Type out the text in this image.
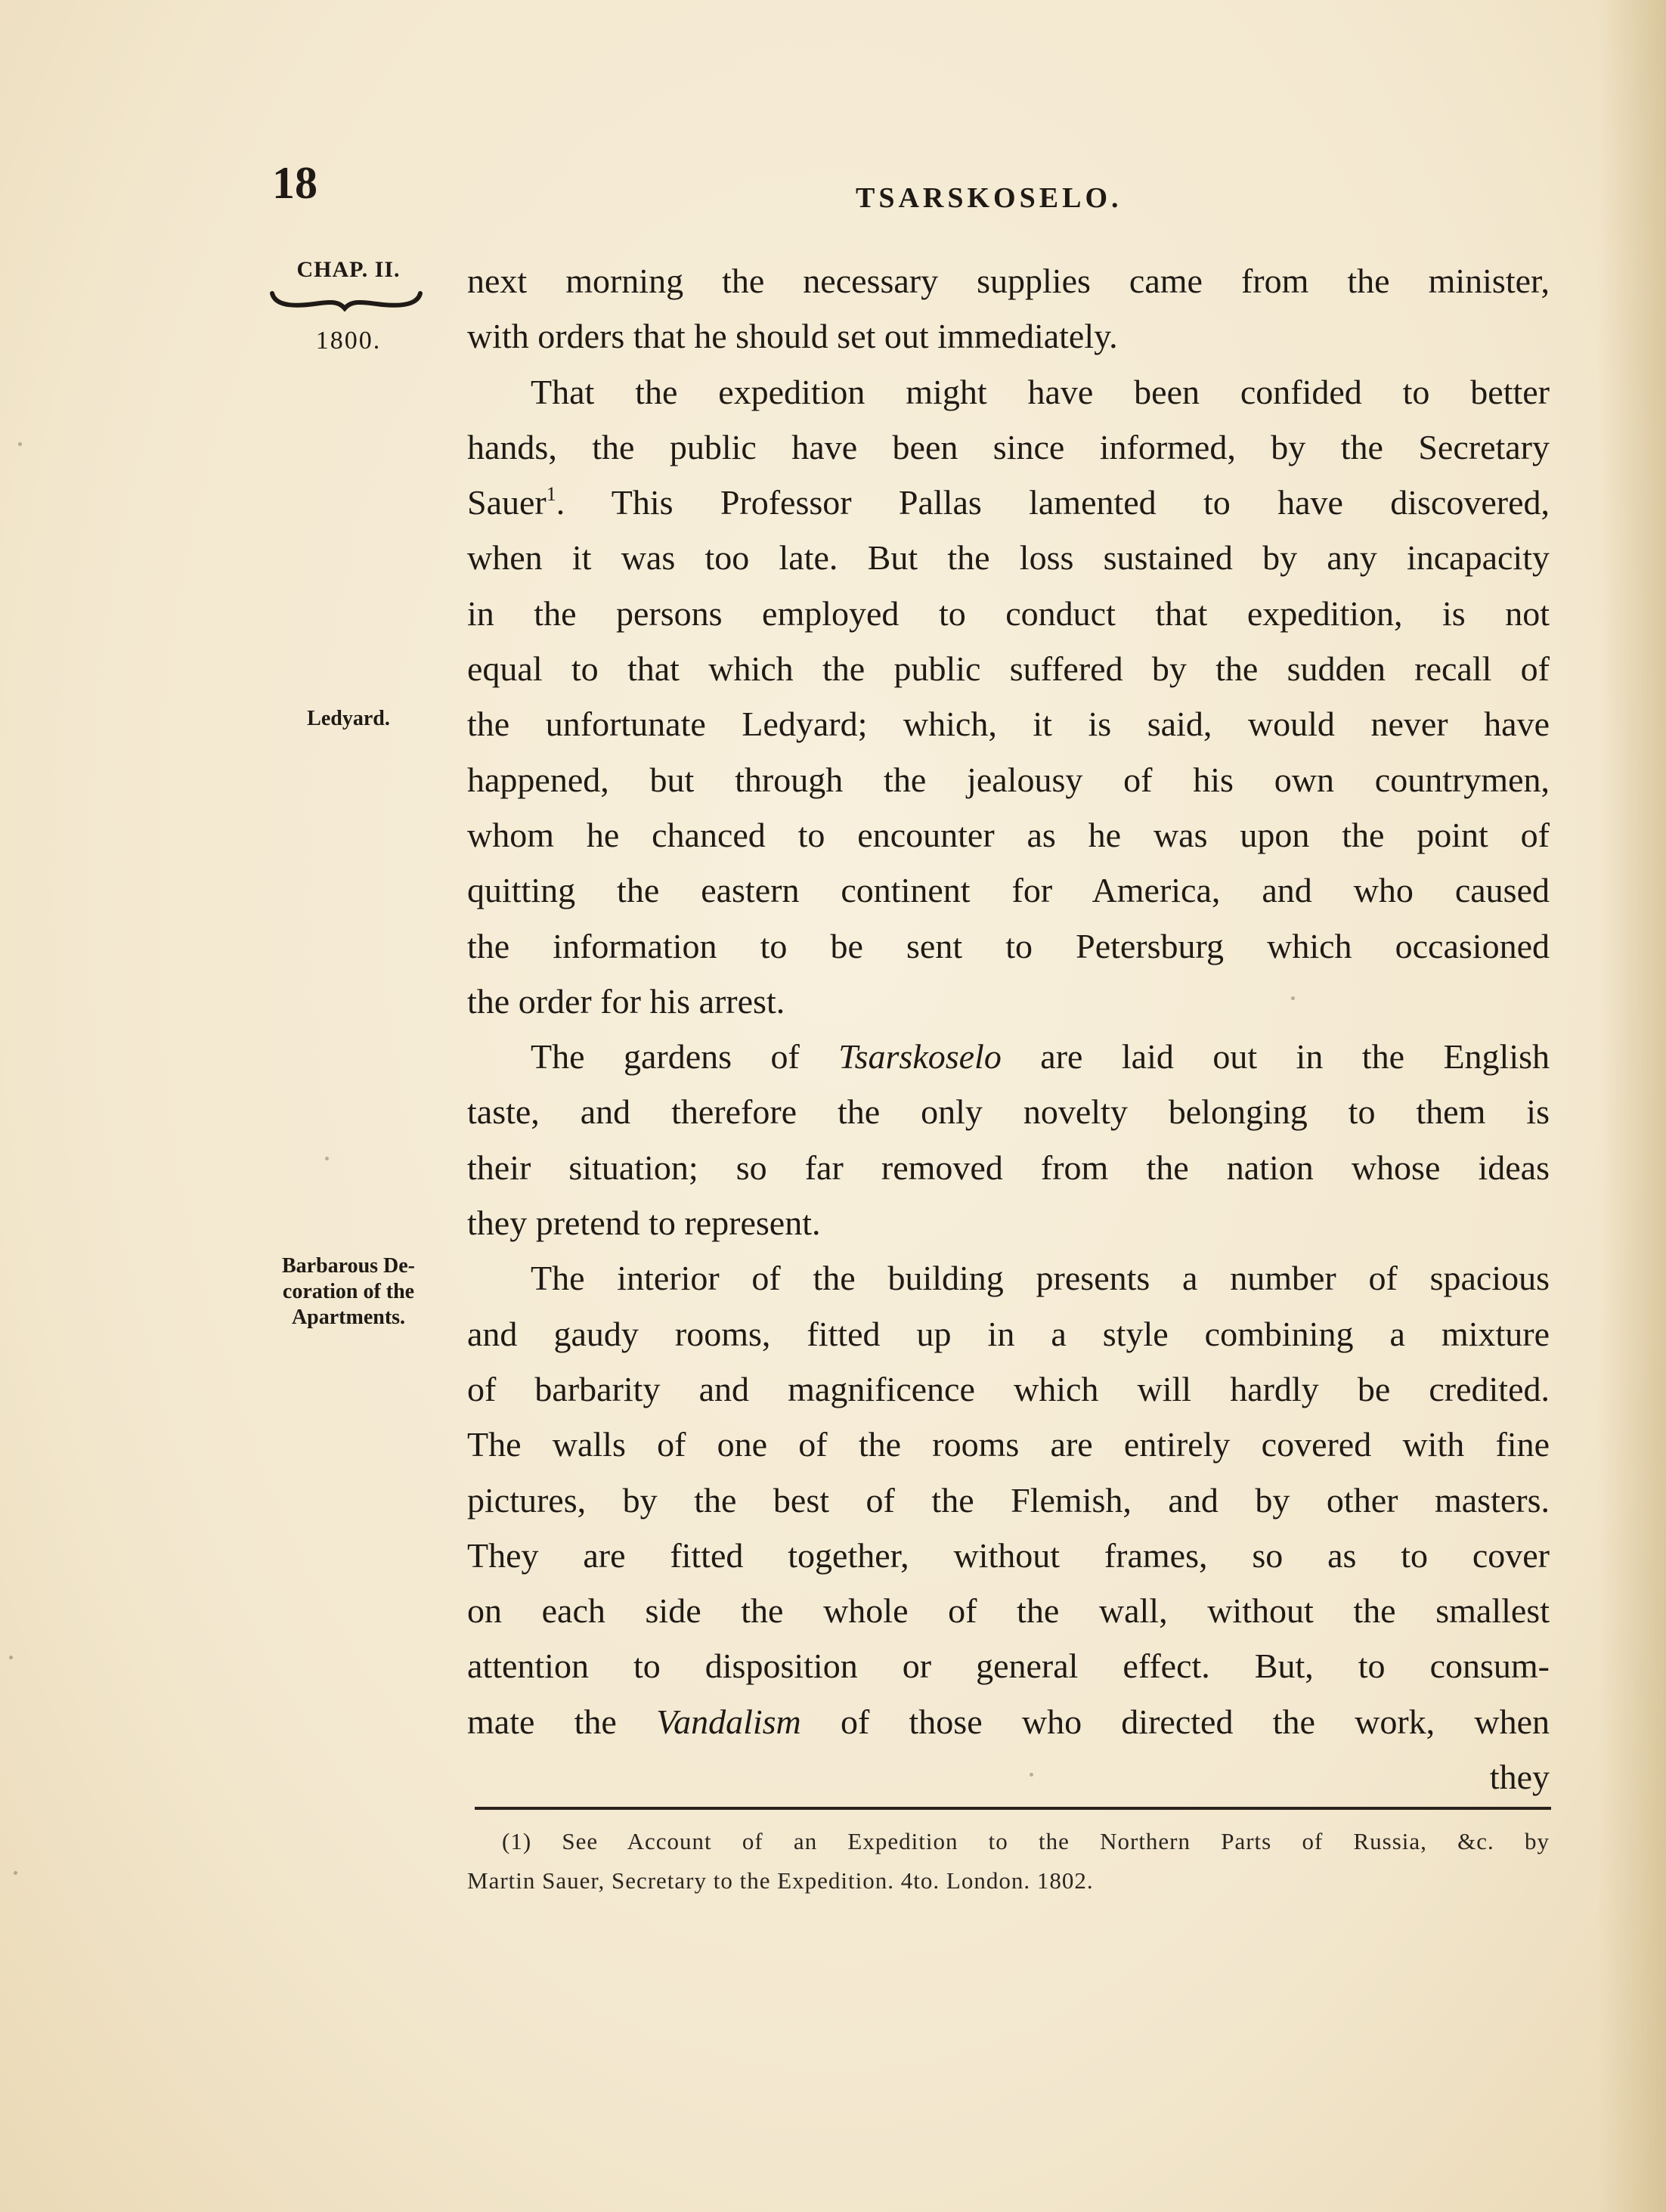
18	TSARSKOSELO.
CHAP. II.
1800.
Ledyard.
Barbarous De-
coration of the
Apartments.
next morning the necessary supplies came from the minister,
with orders that he should set out immediately.
That the expedition might have been confided to better
hands, the public have been since informed, by the Secretary
Sauer$^1$. This Professor Pallas lamented to have discovered,
when it was too late. But the loss sustained by any incapacity
in the persons employed to conduct that expedition, is not
equal to that which the public suffered by the sudden recall of
the unfortunate Ledyard; which, it is said, would never have
happened, but through the jealousy of his own countrymen,
whom he chanced to encounter as he was upon the point of
quitting the eastern continent for America, and who caused
the information to be sent to Petersburg which occasioned
the order for his arrest.
The gardens of Tsarskoselo are laid out in the English
taste, and therefore the only novelty belonging to them is
their situation; so far removed from the nation whose ideas
they pretend to represent.
The interior of the building presents a number of spacious
and gaudy rooms, fitted up in a style combining a mixture
of barbarity and magnificence which will hardly be credited.
The walls of one of the rooms are entirely covered with fine
pictures, by the best of the Flemish, and by other masters.
They are fitted together, without frames, so as to cover
on each side the whole of the wall, without the smallest
attention to disposition or general effect. But, to consum-
mate the Vandalism of those who directed the work, when
they
(1) See Account of an Expedition to the Northern Parts of Russia, &c. by
Martin Sauer, Secretary to the Expedition. 4to. London. 1802.
